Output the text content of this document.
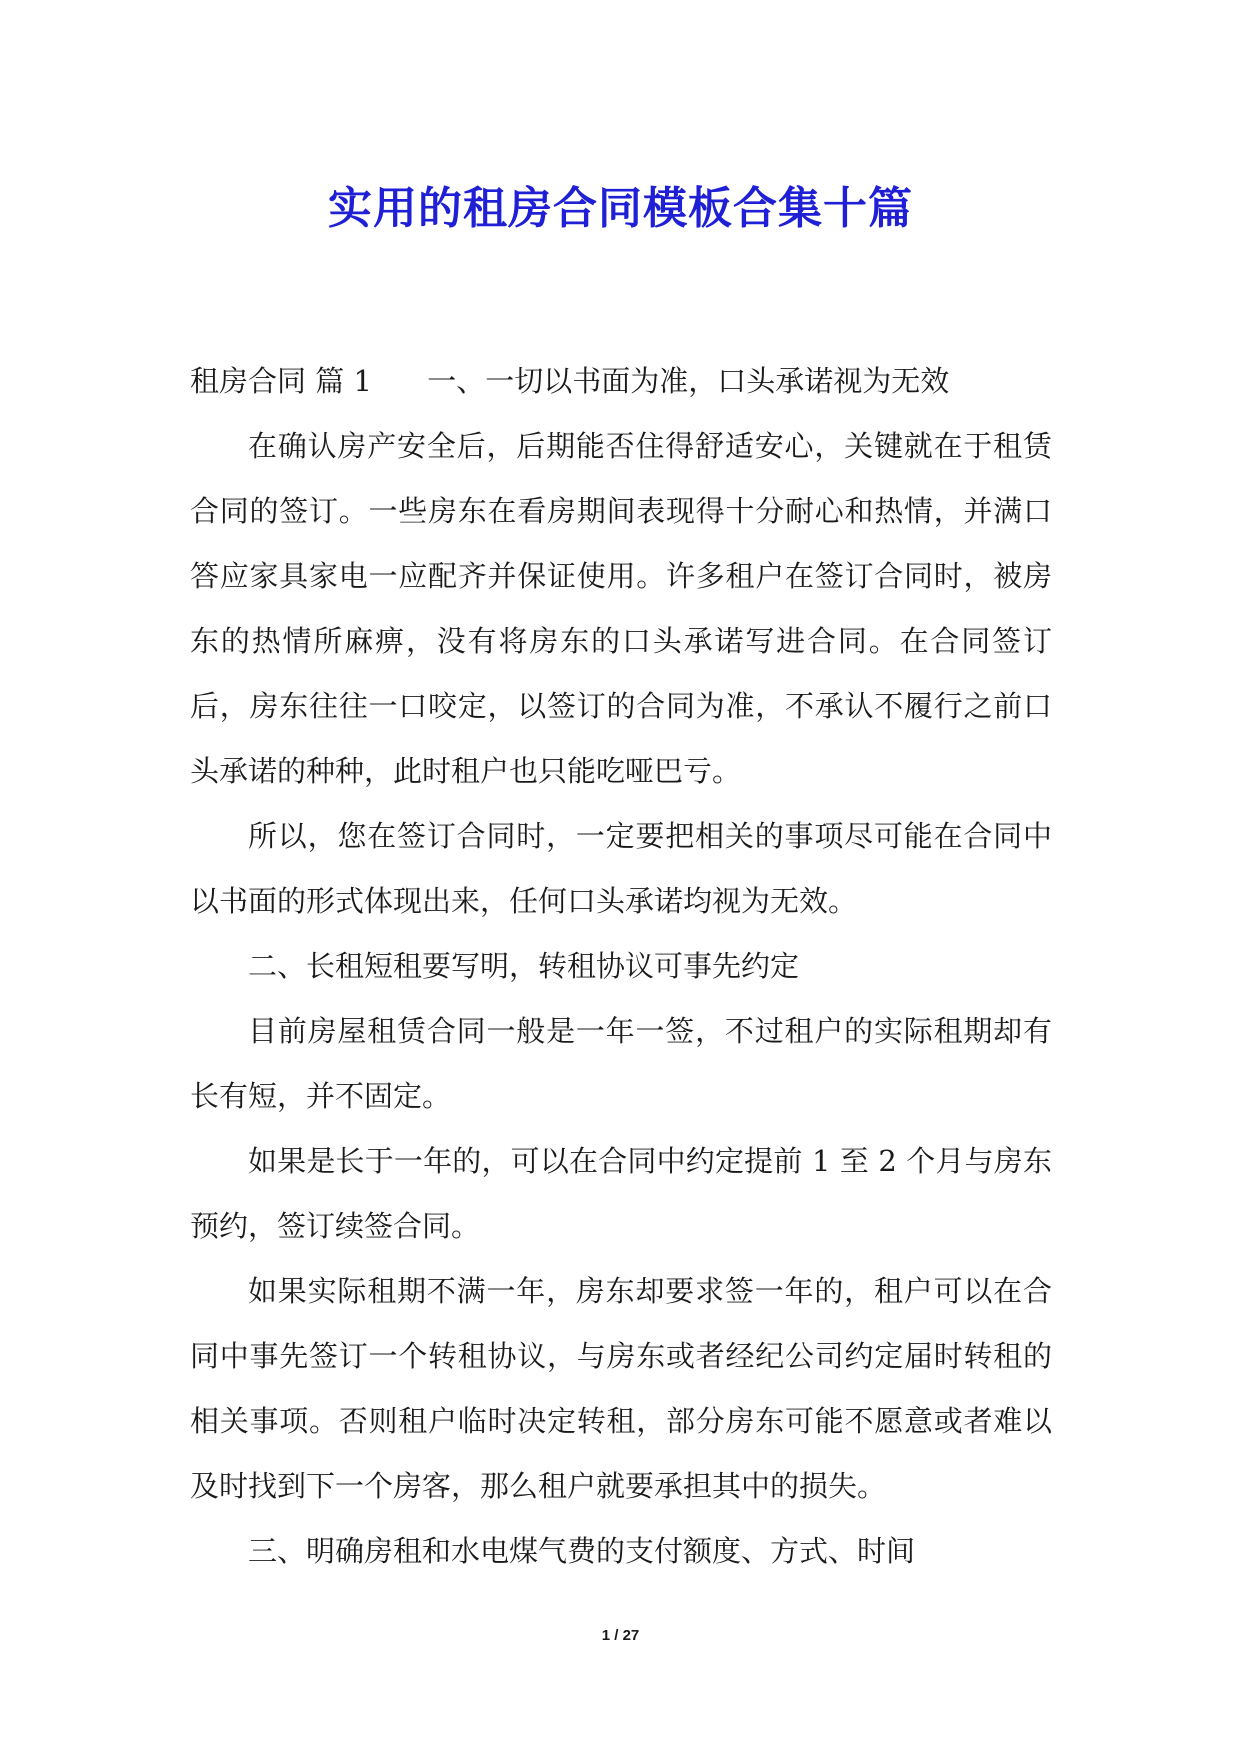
实用的租房合同模板合集十篇

租房合同 篇 1 一、一切以书面为准，口头承诺视为无效

在确认房产安全后，后期能否住得舒适安心，关键就在于租赁合同的签订。一些房东在看房期间表现得十分耐心和热情，并满口答应家具家电一应配齐并保证使用。许多租户在签订合同时，被房东的热情所麻痹，没有将房东的口头承诺写进合同。在合同签订后，房东往往一口咬定，以签订的合同为准，不承认不履行之前口头承诺的种种，此时租户也只能吃哑巴亏。

所以，您在签订合同时，一定要把相关的事项尽可能在合同中以书面的形式体现出来，任何口头承诺均视为无效。

二、长租短租要写明，转租协议可事先约定

目前房屋租赁合同一般是一年一签，不过租户的实际租期却有长有短，并不固定。

如果是长于一年的，可以在合同中约定提前 1 至 2 个月与房东预约，签订续签合同。

如果实际租期不满一年，房东却要求签一年的，租户可以在合同中事先签订一个转租协议，与房东或者经纪公司约定届时转租的相关事项。否则租户临时决定转租，部分房东可能不愿意或者难以及时找到下一个房客，那么租户就要承担其中的损失。

三、明确房租和水电煤气费的支付额度、方式、时间

1 / 27
